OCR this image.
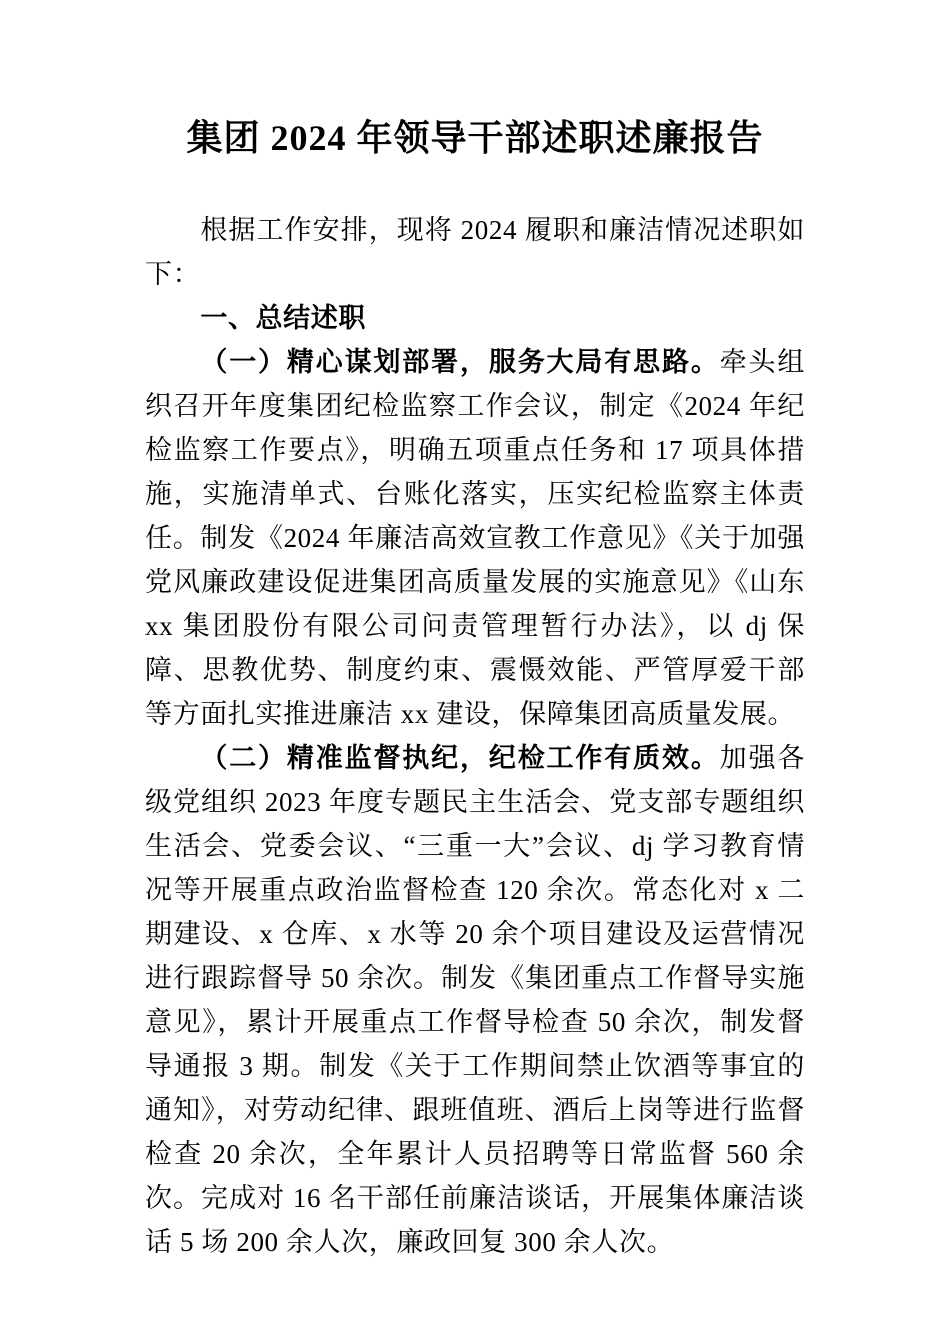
集团 2024 年领导干部述职述廉报告

根据工作安排，现将 2024 履职和廉洁情况述职如下：

一、总结述职

（一）精心谋划部署，服务大局有思路。牵头组织召开年度集团纪检监察工作会议，制定《2024 年纪检监察工作要点》，明确五项重点任务和 17 项具体措施，实施清单式、台账化落实，压实纪检监察主体责任。制发《2024 年廉洁高效宣教工作意见》《关于加强党风廉政建设促进集团高质量发展的实施意见》《山东 xx 集团股份有限公司问责管理暂行办法》，以 dj 保障、思教优势、制度约束、震慑效能、严管厚爱干部等方面扎实推进廉洁 xx 建设，保障集团高质量发展。

（二）精准监督执纪，纪检工作有质效。加强各级党组织 2023 年度专题民主生活会、党支部专题组织生活会、党委会议、“三重一大”会议、dj 学习教育情况等开展重点政治监督检查 120 余次。常态化对 x 二期建设、x 仓库、x 水等 20 余个项目建设及运营情况进行跟踪督导 50 余次。制发《集团重点工作督导实施意见》，累计开展重点工作督导检查 50 余次，制发督导通报 3 期。制发《关于工作期间禁止饮酒等事宜的通知》，对劳动纪律、跟班值班、酒后上岗等进行监督检查 20 余次，全年累计人员招聘等日常监督 560 余次。完成对 16 名干部任前廉洁谈话，开展集体廉洁谈话 5 场 200 余人次，廉政回复 300 余人次。
